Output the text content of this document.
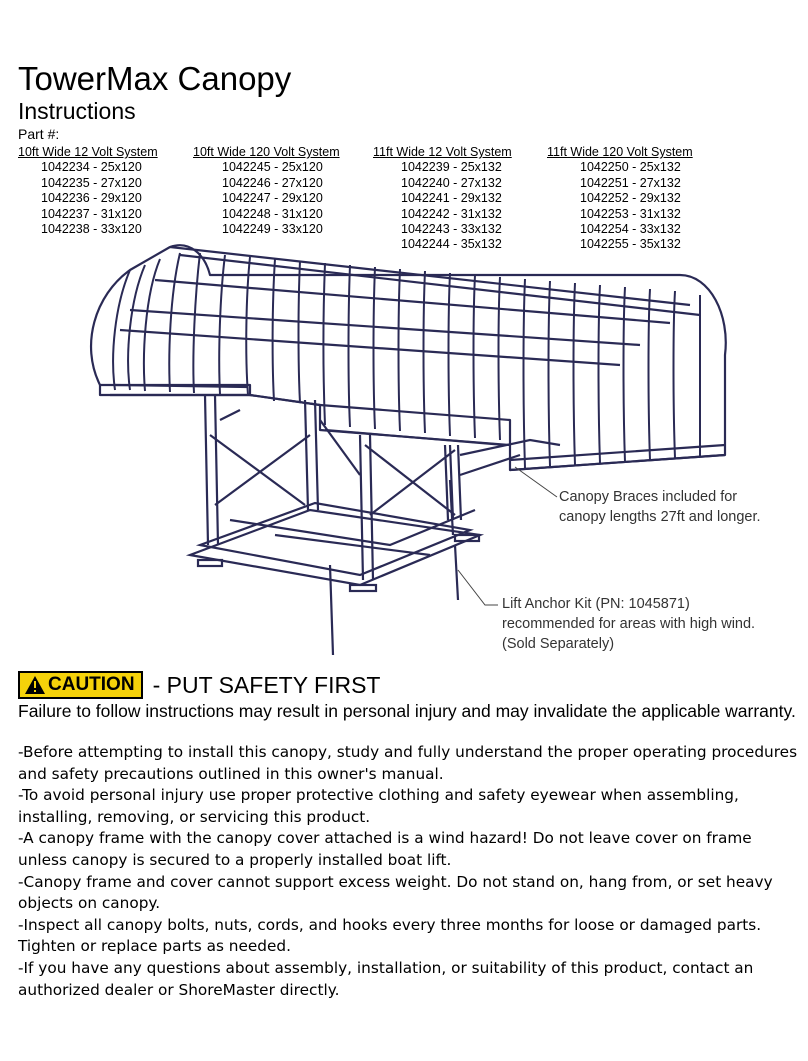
TowerMax Canopy
Instructions
Part #:
10ft Wide 12 Volt System
1042234 - 25x120
1042235 - 27x120
1042236 - 29x120
1042237 - 31x120
1042238 - 33x120
10ft Wide 120 Volt System
1042245 - 25x120
1042246 - 27x120
1042247 - 29x120
1042248 - 31x120
1042249 - 33x120
11ft Wide 12 Volt System
1042239 - 25x132
1042240 - 27x132
1042241 - 29x132
1042242 - 31x132
1042243 - 33x132
1042244 - 35x132
11ft Wide 120 Volt System
1042250 - 25x132
1042251 - 27x132
1042252 - 29x132
1042253 - 31x132
1042254 - 33x132
1042255 - 35x132
Canopy Braces included for
canopy lengths 27ft and longer.
Lift Anchor Kit (PN: 1045871)
recommended for areas with high wind.
(Sold Separately)
CAUTION - PUT SAFETY FIRST

Failure to follow instructions may result in personal injury and may invalidate the applicable warranty.

-Before attempting to install this canopy, study and fully understand the proper operating procedures and safety precautions outlined in this owner's manual.

-To avoid personal injury use proper protective clothing and safety eyewear when assembling, installing, removing, or servicing this product.

-A canopy frame with the canopy cover attached is a wind hazard! Do not leave cover on frame unless canopy is secured to a properly installed boat lift.

-Canopy frame and cover cannot support excess weight. Do not stand on, hang from, or set heavy objects on canopy.

-Inspect all canopy bolts, nuts, cords, and hooks every three months for loose or damaged parts. Tighten or replace parts as needed.

-If you have any questions about assembly, installation, or suitability of this product, contact an authorized dealer or ShoreMaster directly.
